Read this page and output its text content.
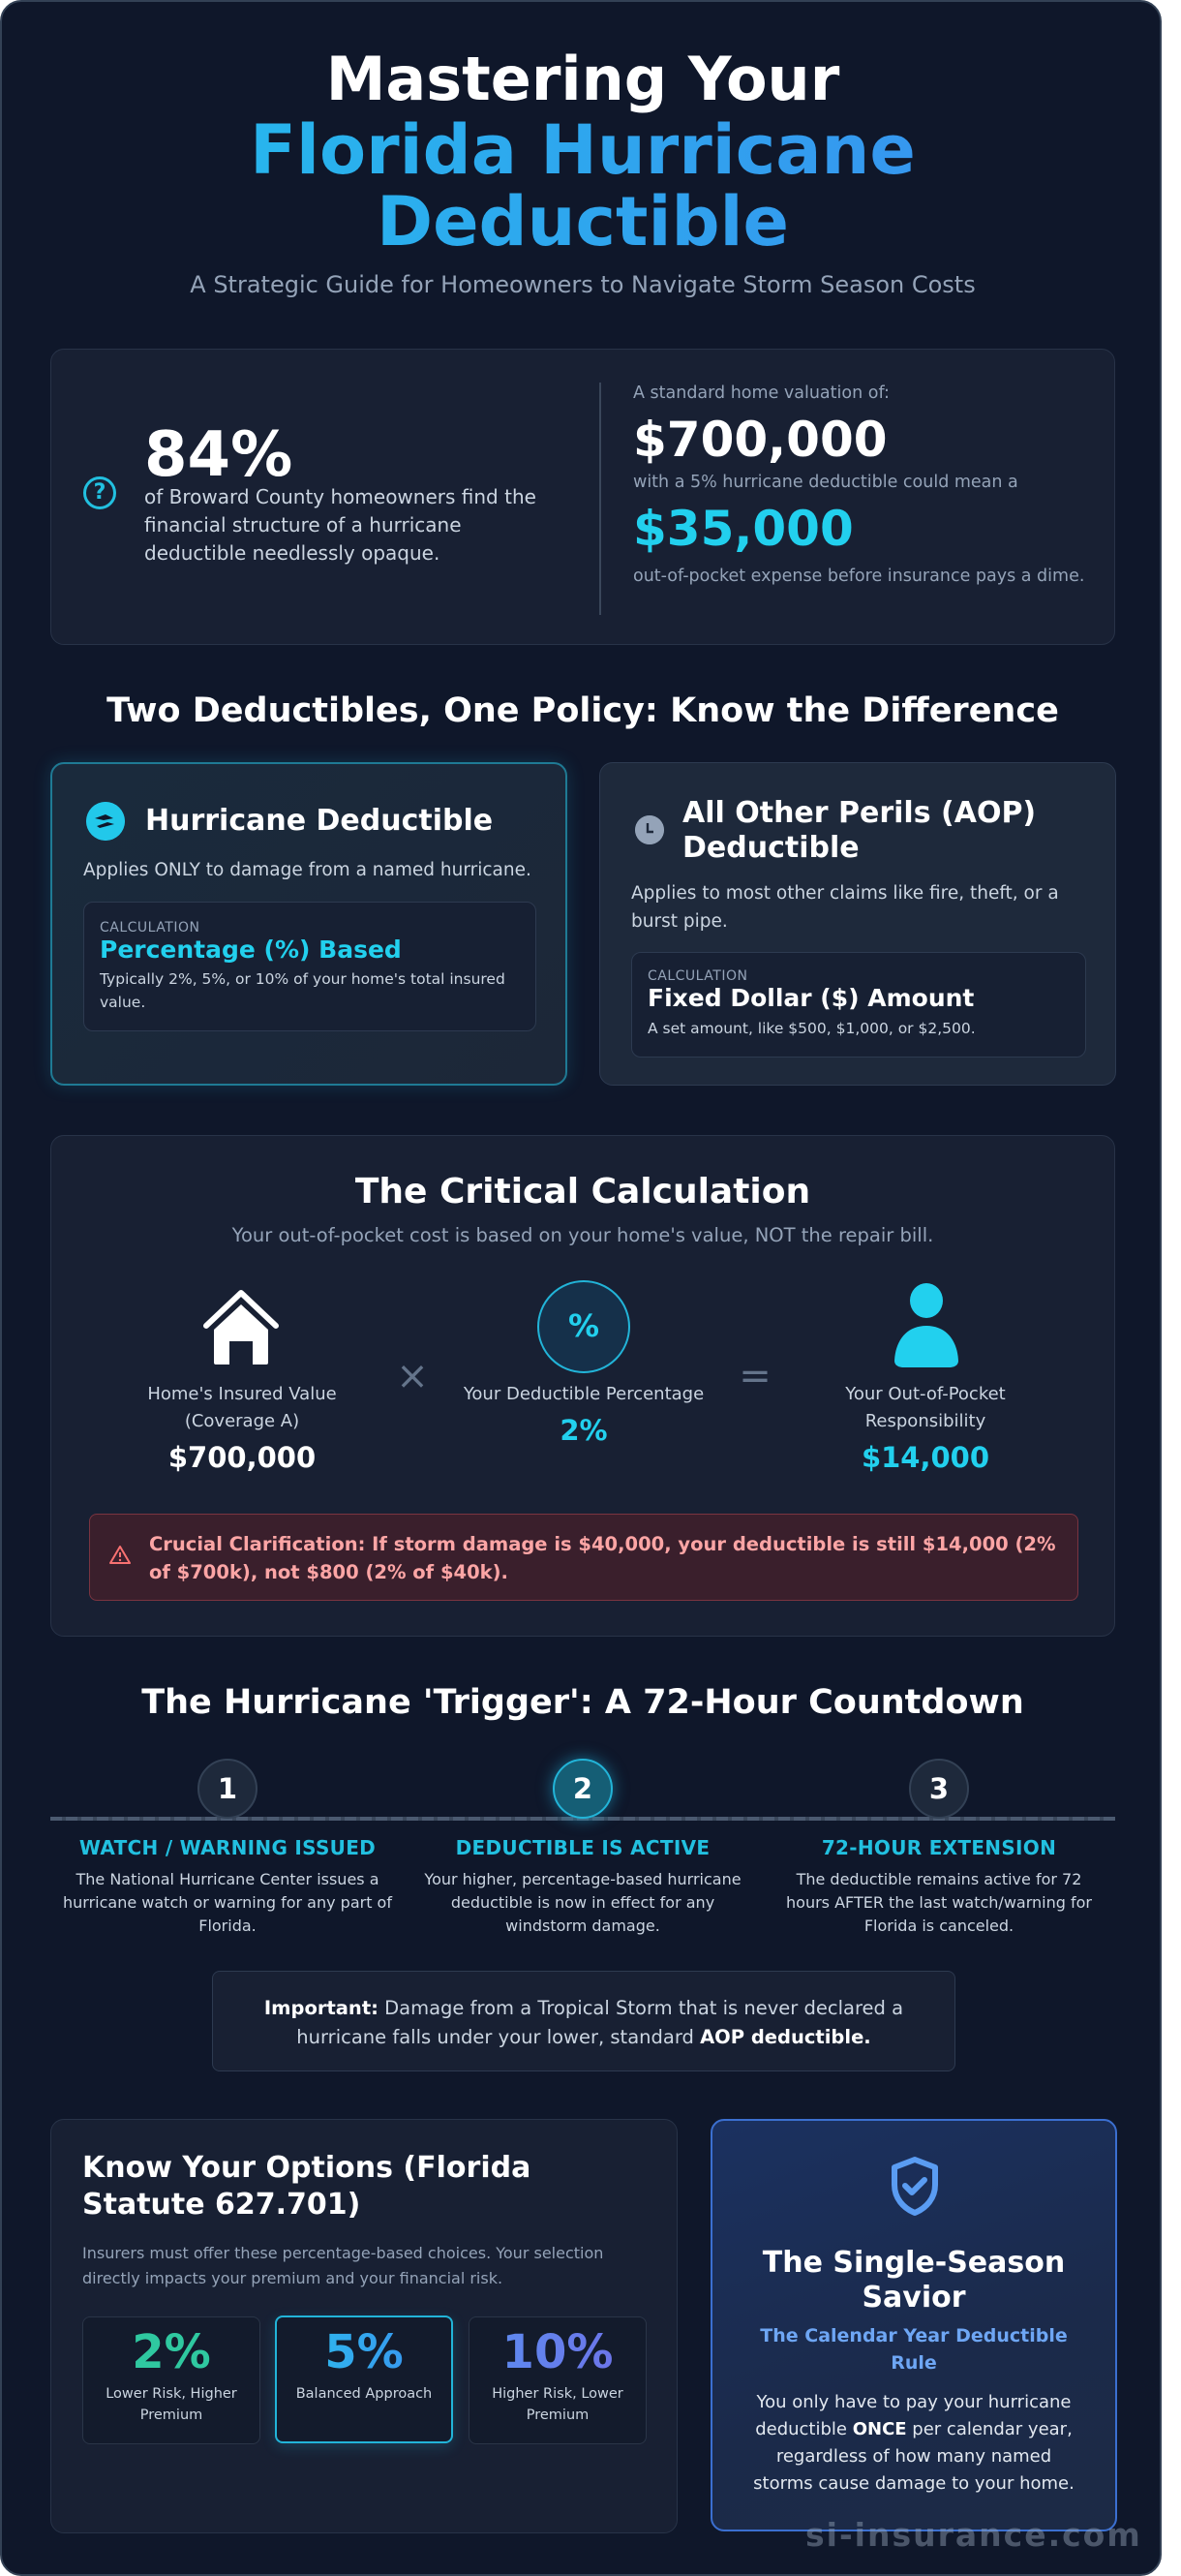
Mastering Your
Florida Hurricane
Deductible
A Strategic Guide for Homeowners to Navigate Storm Season Costs
?
84%
of Broward County homeowners find the financial structure of a hurricane deductible needlessly opaque.
A standard home valuation of:
$700,000
with a 5% hurricane deductible could mean a
$35,000
out-of-pocket expense before insurance pays a dime.
Two Deductibles, One Policy: Know the Difference
Hurricane Deductible
Applies ONLY to damage from a named hurricane.
CALCULATION
Percentage (%) Based
Typically 2%, 5%, or 10% of your home's total insured value.
All Other Perils (AOP) Deductible
Applies to most other claims like fire, theft, or a burst pipe.
CALCULATION
Fixed Dollar ($) Amount
A set amount, like $500, $1,000, or $2,500.
The Critical Calculation
Your out-of-pocket cost is based on your home's value, NOT the repair bill.
Home's Insured Value (Coverage A)
$700,000
×
%
Your Deductible Percentage
2%
=	Your Out-of-Pocket Responsibility
$14,000
Crucial Clarification: If storm damage is $40,000, your deductible is still $14,000 (2% of $700k), not $800 (2% of $40k).
The Hurricane 'Trigger': A 72-Hour Countdown
1	2	3
WATCH / WARNING ISSUED
The National Hurricane Center issues a hurricane watch or warning for any part of Florida.
DEDUCTIBLE IS ACTIVE
Your higher, percentage-based hurricane deductible is now in effect for any windstorm damage.
72-HOUR EXTENSION
The deductible remains active for 72 hours AFTER the last watch/warning for Florida is canceled.
Important: Damage from a Tropical Storm that is never declared a hurricane falls under your lower, standard AOP deductible.
Know Your Options (Florida Statute 627.701)
Insurers must offer these percentage-based choices. Your selection directly impacts your premium and your financial risk.
2%
Lower Risk, Higher Premium
5%
Balanced Approach
10%
Higher Risk, Lower Premium
The Single-Season Savior
The Calendar Year Deductible Rule
You only have to pay your hurricane deductible ONCE per calendar year, regardless of how many named storms cause damage to your home.
si-insurance.com
